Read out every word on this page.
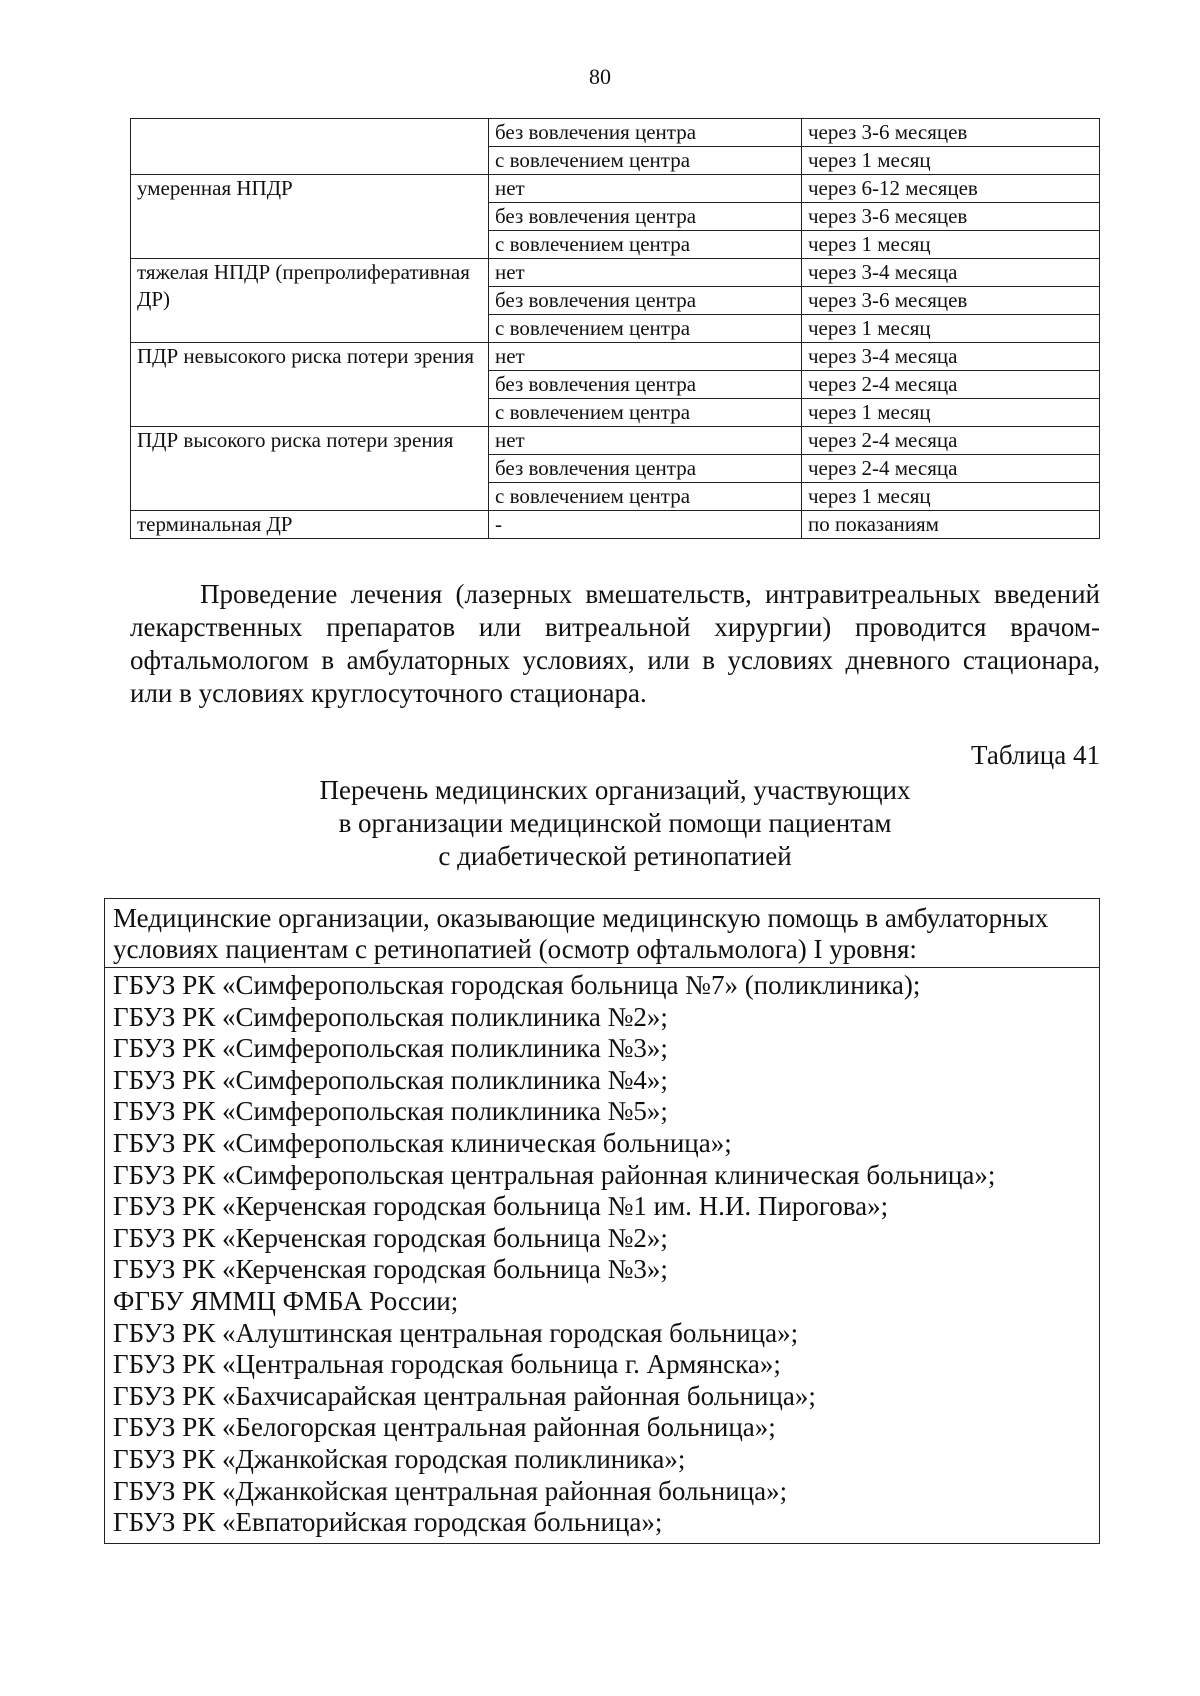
80
	без вовлечения центра	через 3-6 месяцев
	с вовлечением центра	через 1 месяц
умеренная НПДР	нет	через 6-12 месяцев
	без вовлечения центра	через 3-6 месяцев
	с вовлечением центра	через 1 месяц
тяжелая НПДР (препролиферативная ДР)	нет	через 3-4 месяца
	без вовлечения центра	через 3-6 месяцев
	с вовлечением центра	через 1 месяц
ПДР невысокого риска потери зрения	нет	через 3-4 месяца
	без вовлечения центра	через 2-4 месяца
	с вовлечением центра	через 1 месяц
ПДР высокого риска потери зрения	нет	через 2-4 месяца
	без вовлечения центра	через 2-4 месяца
	с вовлечением центра	через 1 месяц
терминальная ДР	-	по показаниям

Проведение лечения (лазерных вмешательств, интравитреальных введений лекарственных препаратов или витреальной хирургии) проводится врачом-офтальмологом в амбулаторных условиях, или в условиях дневного стационара, или в условиях круглосуточного стационара.

Таблица 41
Перечень медицинских организаций, участвующих
в организации медицинской помощи пациентам
с диабетической ретинопатией
Медицинские организации, оказывающие медицинскую помощь в амбулаторных условиях пациентам с ретинопатией (осмотр офтальмолога) I уровня:
ГБУЗ РК «Симферопольская городская больница №7» (поликлиника);
ГБУЗ РК «Симферопольская поликлиника №2»;
ГБУЗ РК «Симферопольская поликлиника №3»;
ГБУЗ РК «Симферопольская поликлиника №4»;
ГБУЗ РК «Симферопольская поликлиника №5»;
ГБУЗ РК «Симферопольская клиническая больница»;
ГБУЗ РК «Симферопольская центральная районная клиническая больница»;
ГБУЗ РК «Керченская городская больница №1 им. Н.И. Пирогова»;
ГБУЗ РК «Керченская городская больница №2»;
ГБУЗ РК «Керченская городская больница №3»;
ФГБУ ЯММЦ ФМБА России;
ГБУЗ РК «Алуштинская центральная городская больница»;
ГБУЗ РК «Центральная городская больница г. Армянска»;
ГБУЗ РК «Бахчисарайская центральная районная больница»;
ГБУЗ РК «Белогорская центральная районная больница»;
ГБУЗ РК «Джанкойская городская поликлиника»;
ГБУЗ РК «Джанкойская центральная районная больница»;
ГБУЗ РК «Евпаторийская городская больница»;
